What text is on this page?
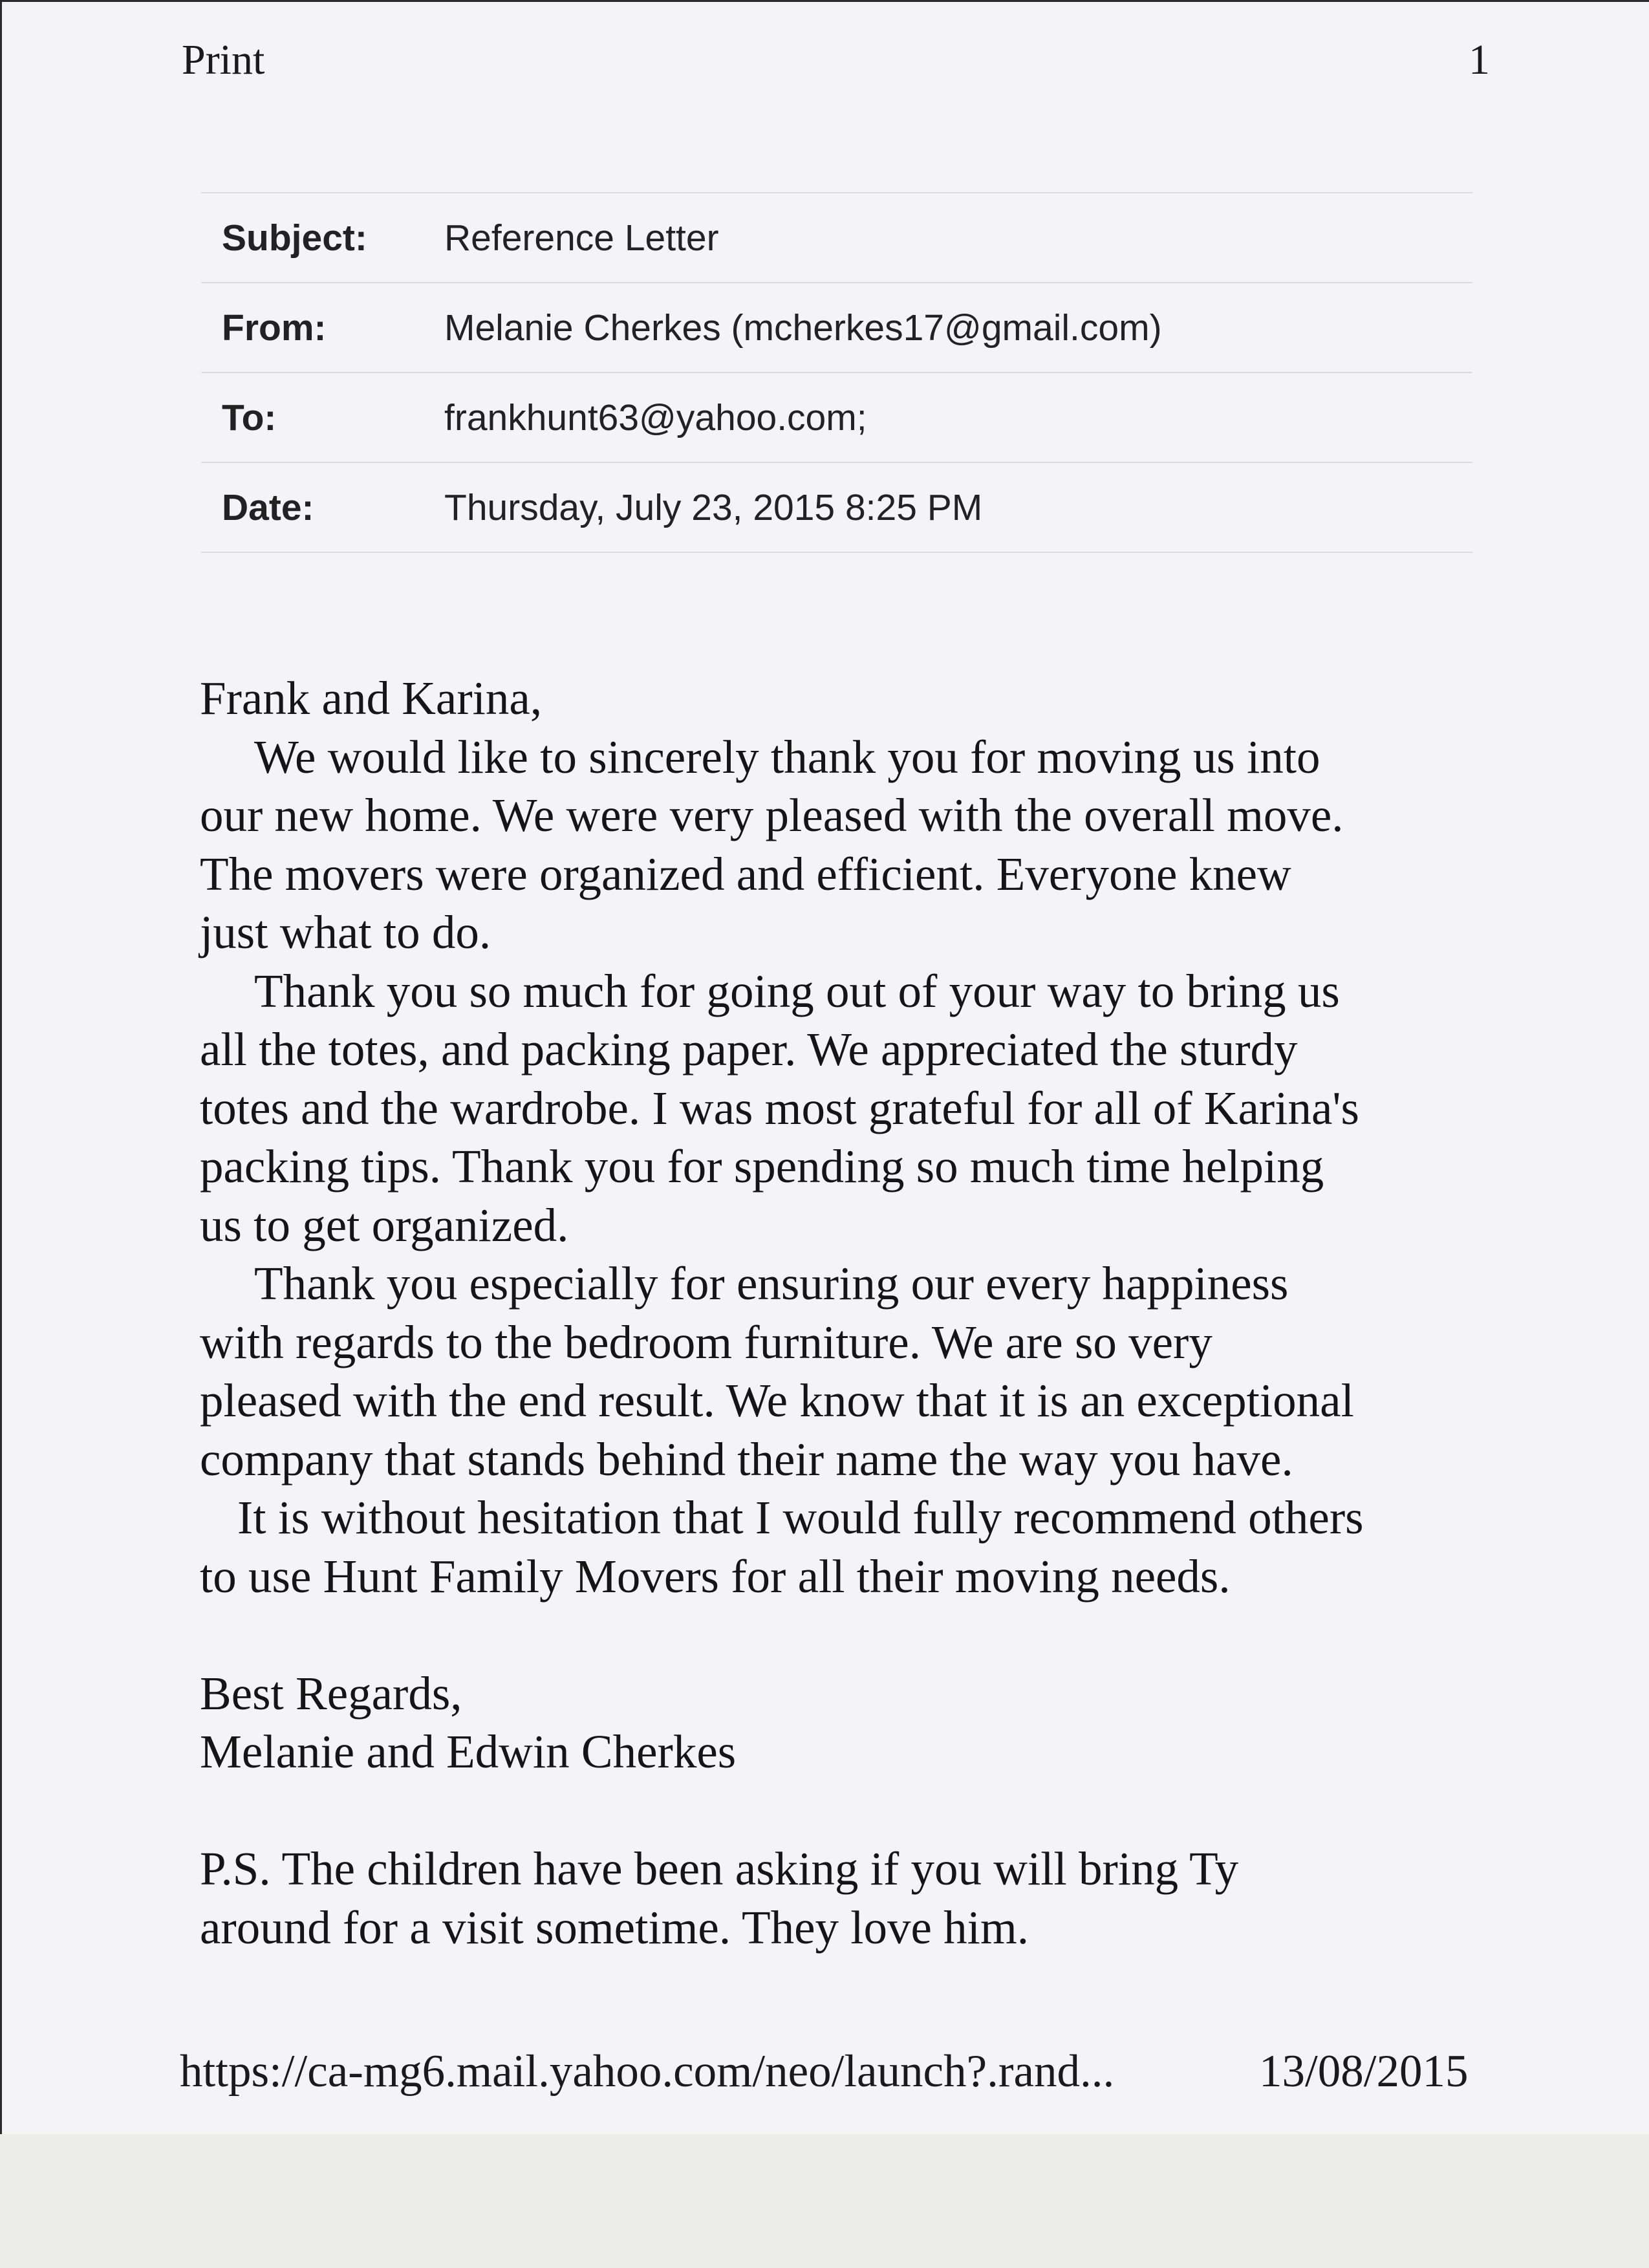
Print	1
Subject:	Reference Letter
From:	Melanie Cherkes (mcherkes17@gmail.com)
To:	frankhunt63@yahoo.com;
Date:	Thursday, July 23, 2015 8:25 PM
Frank and Karina,
We would like to sincerely thank you for moving us into
our new home. We were very pleased with the overall move.
The movers were organized and efficient. Everyone knew
just what to do.
Thank you so much for going out of your way to bring us
all the totes, and packing paper. We appreciated the sturdy
totes and the wardrobe. I was most grateful for all of Karina's
packing tips. Thank you for spending so much time helping
us to get organized.
Thank you especially for ensuring our every happiness
with regards to the bedroom furniture. We are so very
pleased with the end result. We know that it is an exceptional
company that stands behind their name the way you have.
It is without hesitation that I would fully recommend others
to use Hunt Family Movers for all their moving needs.
Best Regards,
Melanie and Edwin Cherkes
P.S. The children have been asking if you will bring Ty
around for a visit sometime. They love him.
https://ca-mg6.mail.yahoo.com/neo/launch?.rand...	13/08/2015
